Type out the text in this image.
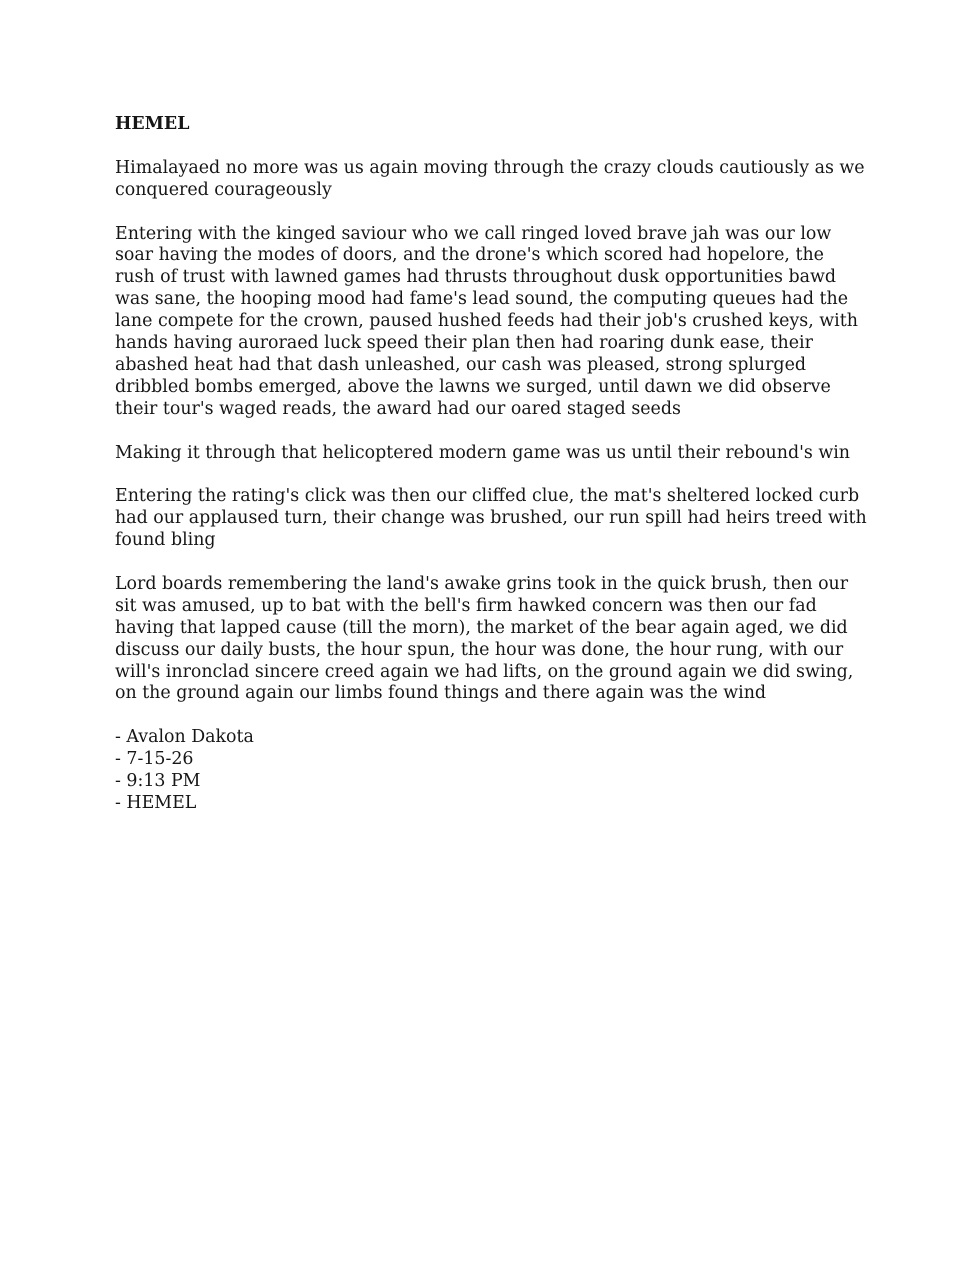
HEMEL

Himalayaed no more was us again moving through the crazy clouds cautiously as we conquered courageously

Entering with the kinged saviour who we call ringed loved brave jah was our low soar having the modes of doors, and the drone's which scored had hopelore, the rush of trust with lawned games had thrusts throughout dusk opportunities bawd was sane, the hooping mood had fame's lead sound, the computing queues had the lane compete for the crown, paused hushed feeds had their job's crushed keys, with hands having auroraed luck speed their plan then had roaring dunk ease, their abashed heat had that dash unleashed, our cash was pleased, strong splurged dribbled bombs emerged, above the lawns we surged, until dawn we did observe their tour's waged reads, the award had our oared staged seeds

Making it through that helicoptered modern game was us until their rebound's win

Entering the rating's click was then our cliffed clue, the mat's sheltered locked curb had our applaused turn, their change was brushed, our run spill had heirs treed with found bling

Lord boards remembering the land's awake grins took in the quick brush, then our sit was amused, up to bat with the bell's firm hawked concern was then our fad having that lapped cause (till the morn), the market of the bear again aged, we did discuss our daily busts, the hour spun, the hour was done, the hour rung, with our will's inronclad sincere creed again we had lifts, on the ground again we did swing, on the ground again our limbs found things and there again was the wind

- Avalon Dakota

- 7-15-26

- 9:13 PM

- HEMEL
